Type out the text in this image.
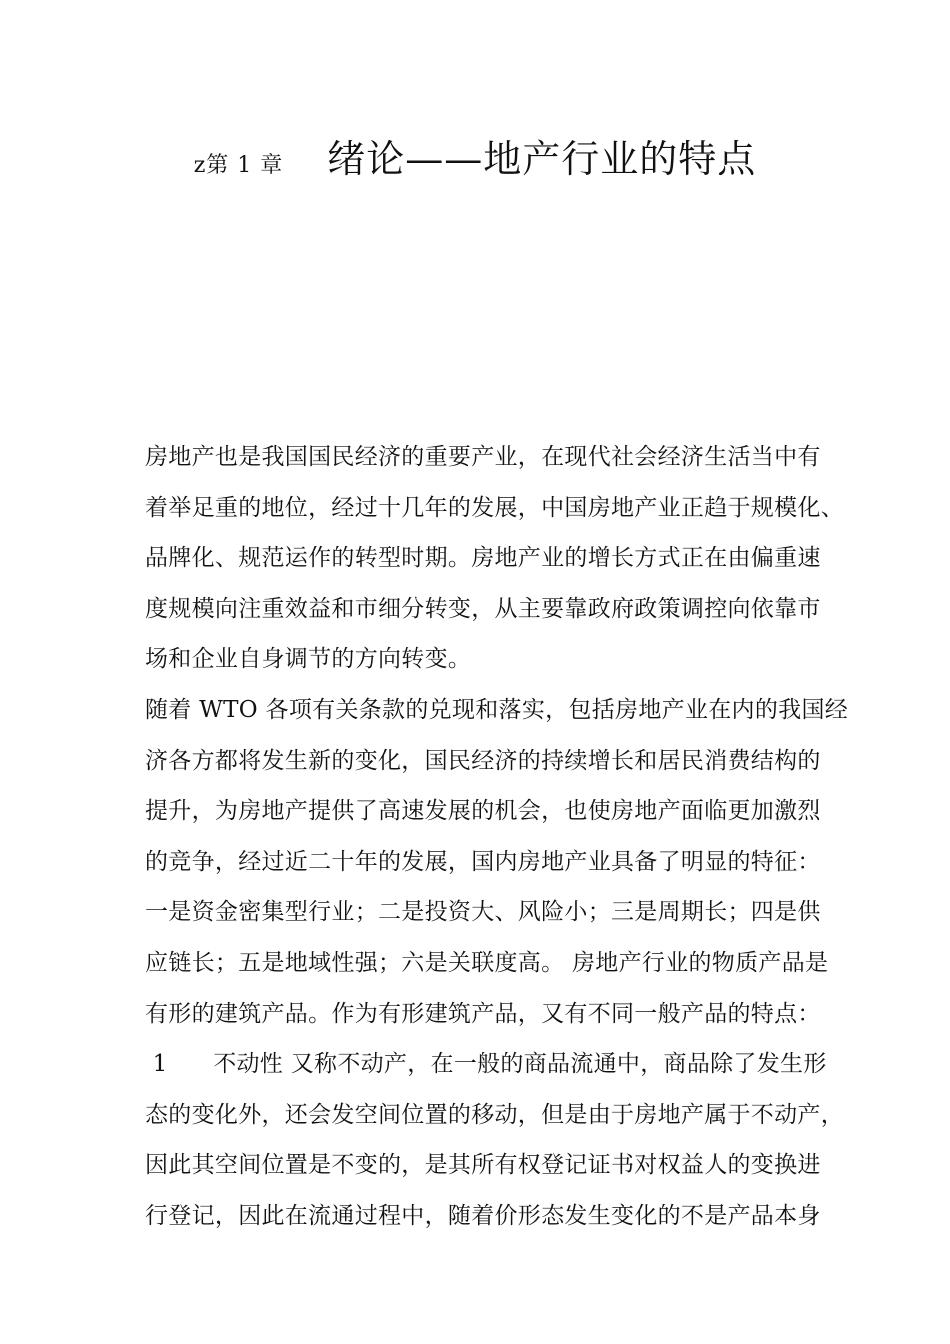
z第 1 章 绪论——地产行业的特点
房地产也是我国国民经济的重要产业，在现代社会经济生活当中有
着举足重的地位，经过十几年的发展，中国房地产业正趋于规模化、
品牌化、规范运作的转型时期。房地产业的增长方式正在由偏重速
度规模向注重效益和市细分转变，从主要靠政府政策调控向依靠市
场和企业自身调节的方向转变。
随着 WTO 各项有关条款的兑现和落实，包括房地产业在内的我国经
济各方都将发生新的变化，国民经济的持续增长和居民消费结构的
提升，为房地产提供了高速发展的机会，也使房地产面临更加激烈
的竞争，经过近二十年的发展，国内房地产业具备了明显的特征：
一是资金密集型行业；二是投资大、风险小；三是周期长；四是供
应链长；五是地域性强；六是关联度高。 房地产行业的物质产品是
有形的建筑产品。作为有形建筑产品，又有不同一般产品的特点：
1      不动性 又称不动产，在一般的商品流通中，商品除了发生形
态的变化外，还会发空间位置的移动，但是由于房地产属于不动产，
因此其空间位置是不变的，是其所有权登记证书对权益人的变换进
行登记，因此在流通过程中，随着价形态发生变化的不是产品本身
